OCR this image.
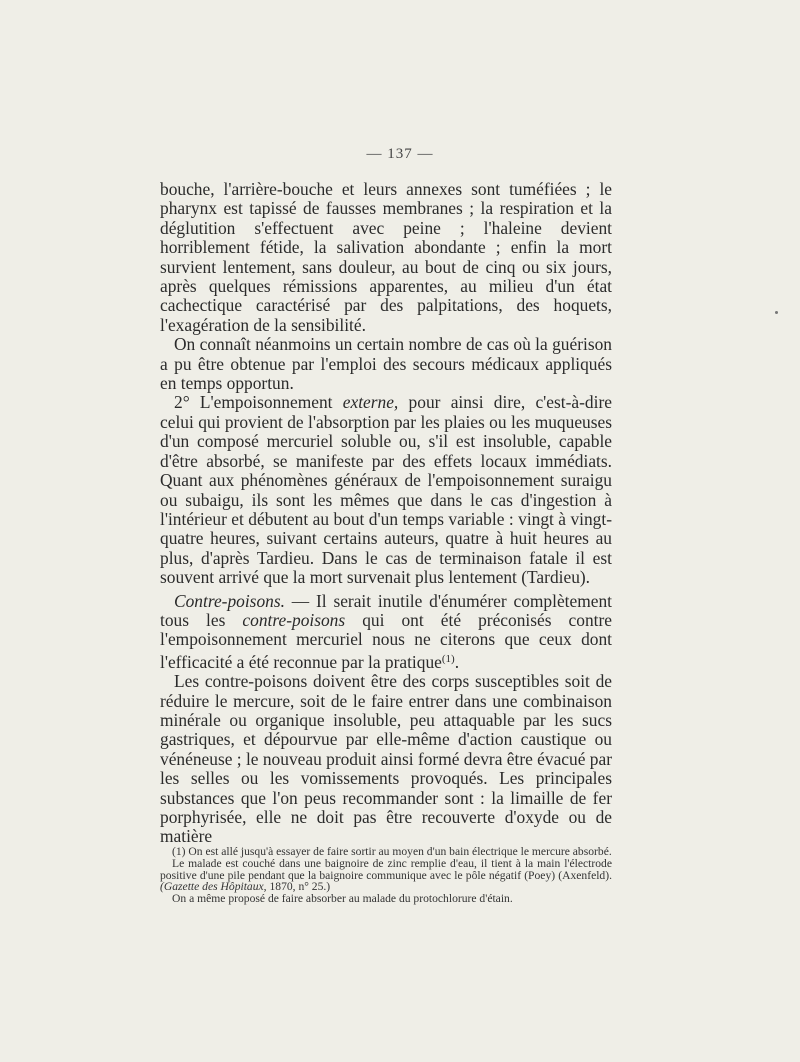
— 137 —

bouche, l'arrière-bouche et leurs annexes sont tuméfiées ; le pharynx est tapissé de fausses membranes ; la respiration et la déglutition s'effectuent avec peine ; l'haleine devient horriblement fétide, la salivation abondante ; enfin la mort survient lentement, sans douleur, au bout de cinq ou six jours, après quelques rémissions apparentes, au milieu d'un état cachectique caractérisé par des palpitations, des hoquets, l'exagération de la sensibilité.

On connaît néanmoins un certain nombre de cas où la guérison a pu être obtenue par l'emploi des secours médicaux appliqués en temps opportun.

2° L'empoisonnement externe, pour ainsi dire, c'est-à-dire celui qui provient de l'absorption par les plaies ou les muqueuses d'un composé mercuriel soluble ou, s'il est insoluble, capable d'être absorbé, se manifeste par des effets locaux immédiats. Quant aux phénomènes généraux de l'empoisonnement suraigu ou subaigu, ils sont les mêmes que dans le cas d'ingestion à l'intérieur et débutent au bout d'un temps variable : vingt à vingt-quatre heures, suivant certains auteurs, quatre à huit heures au plus, d'après Tardieu. Dans le cas de terminaison fatale il est souvent arrivé que la mort survenait plus lentement (Tardieu).

Contre-poisons. — Il serait inutile d'énumérer complètement tous les contre-poisons qui ont été préconisés contre l'empoisonnement mercuriel nous ne citerons que ceux dont l'efficacité a été reconnue par la pratique$^{(1)}$.

Les contre-poisons doivent être des corps susceptibles soit de réduire le mercure, soit de le faire entrer dans une combinaison minérale ou organique insoluble, peu attaquable par les sucs gastriques, et dépourvue par elle-même d'action caustique ou vénéneuse ; le nouveau produit ainsi formé devra être évacué par les selles ou les vomissements provoqués. Les principales substances que l'on peus recommander sont : la limaille de fer porphyrisée, elle ne doit pas être recouverte d'oxyde ou de matière

(1) On est allé jusqu'à essayer de faire sortir au moyen d'un bain électrique le mercure absorbé.

Le malade est couché dans une baignoire de zinc remplie d'eau, il tient à la main l'électrode positive d'une pile pendant que la baignoire communique avec le pôle négatif (Poey) (Axenfeld). (Gazette des Hôpitaux, 1870, n° 25.)

On a même proposé de faire absorber au malade du protochlorure d'étain.
